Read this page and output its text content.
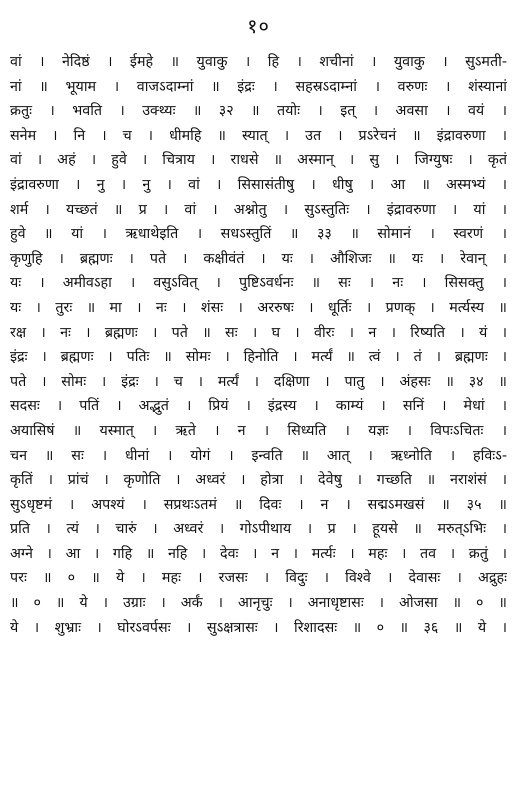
१०
वां । नेदिष्ठं । ईमहे ॥ युवाकु । हि । शचीनां । युवाकु । सुऽमती-
नां ॥ भूयाम । वाजऽदाम्नां ॥ इंद्रः । सहस्रऽदाम्नां । वरुणः । शंस्यानां
क्रतुः । भवति । उक्थ्यः ॥ ३२ ॥ तयोः । इत् । अवसा । वयं ।
सनेम । नि । च । धीमहि ॥ स्यात् । उत । प्रऽरेचनं ॥ इंद्रावरुणा ।
वां । अहं । हुवे । चित्राय । राधसे ॥ अस्मान् । सु । जिग्युषः । कृतं
इंद्रावरुणा । नु । नु । वां । सिसासंतीषु । धीषु । आ ॥ अस्मभ्यं ।
शर्म । यच्छतं ॥ प्र । वां । अश्नोतु । सुऽस्तुतिः । इंद्रावरुणा । यां ।
हुवे ॥ यां । ऋधाथेइति । सधऽस्तुतिं ॥ ३३ ॥ सोमानं । स्वरणं ।
कृणुहि । ब्रह्मणः । पते । कक्षीवंतं । यः । औशिजः ॥ यः । रेवान् ।
यः । अमीवऽहा । वसुऽवित् । पुष्टिऽवर्धनः ॥ सः । नः । सिसक्तु ।
यः । तुरः ॥ मा । नः । शंसः । अररुषः । धूर्तिः । प्रणक् । मर्त्यस्य ॥
रक्ष । नः । ब्रह्मणः । पते ॥ सः । घ । वीरः । न । रिष्यति । यं ।
इंद्रः । ब्रह्मणः । पतिः ॥ सोमः । हिनोति । मर्त्यं ॥ त्वं । तं । ब्रह्मणः ।
पते । सोमः । इंद्रः । च । मर्त्यं । दक्षिणा । पातु । अंहसः ॥ ३४ ॥
सदसः । पतिं । अद्भुतं । प्रियं । इंद्रस्य । काम्यं । सनिं । मेधां ।
अयासिषं ॥ यस्मात् । ऋते । न । सिध्यति । यज्ञः । विपःऽचितः ।
चन ॥ सः । धीनां । योगं । इन्वति ॥ आत् । ऋध्नोति । हविःऽ-
कृतिं । प्रांचं । कृणोति । अध्वरं । होत्रा । देवेषु । गच्छति ॥ नराशंसं ।
सुऽधृष्टमं । अपश्यं । सप्रथःऽतमं ॥ दिवः । न । सद्मऽमखसं ॥ ३५ ॥
प्रति । त्यं । चारुं । अध्वरं । गोऽपीथाय । प्र । हूयसे ॥ मरुत्ऽभिः ।
अग्ने । आ । गहि ॥ नहि । देवः । न । मर्त्यः । महः । तव । क्रतुं ।
परः ॥ ० ॥ ये । महः । रजसः । विदुः । विश्वे । देवासः । अद्रुहः
॥ ० ॥ ये । उग्राः । अर्कं । आनृचुः । अनाधृष्टासः । ओजसा ॥ ० ॥
ये । शुभ्राः । घोरऽवर्पसः । सुऽक्षत्रासः । रिशादसः ॥ ० ॥ ३६ ॥ ये ।
